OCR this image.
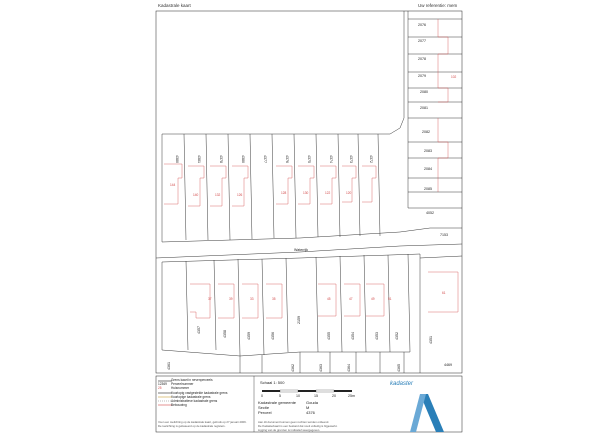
Kadastrale kaart	Uw referentie: mem
4380	4381	4378	4380	4377	4376	4375	4374	4373	4372
144
140	132	126	128	130	122	120
2076
2077
2078
2079
2080
2081
2082
2083
2084
2085
4052
102
7153
Waterrijk
37	39	33	35	45	47	49	51
61
4357	4358	4359	4356	4355	4354	4353	4352	4351
2159
4361	4362	4363	4364	4365	4469
0	5	10	15	20	25m
Grens kaart in nevenperceels
12369	Perceelnummer
25	Huisnummer
Voorlopig vastgestelde kadastrale grens
Voorlopige kadastrale grens
Administratieve kadastrale grens
Bebouwing
Voor een toelichting op de kadastrale kaart, gebruik op 27 januari 2009.
De toelichting is gebaseerd op de kadastrale registers.
Schaal 1: 500
Kadastrale gemeente Gouda
Sectie	M
Perceel	4376
Aan dit document kunnen geen rechten worden ontleend.
De Kadasterkaart is een bestand dat nooit volledig is bijgewerkt.
Ligging van de grenzen is indicatief weergegeven.
kadaster
